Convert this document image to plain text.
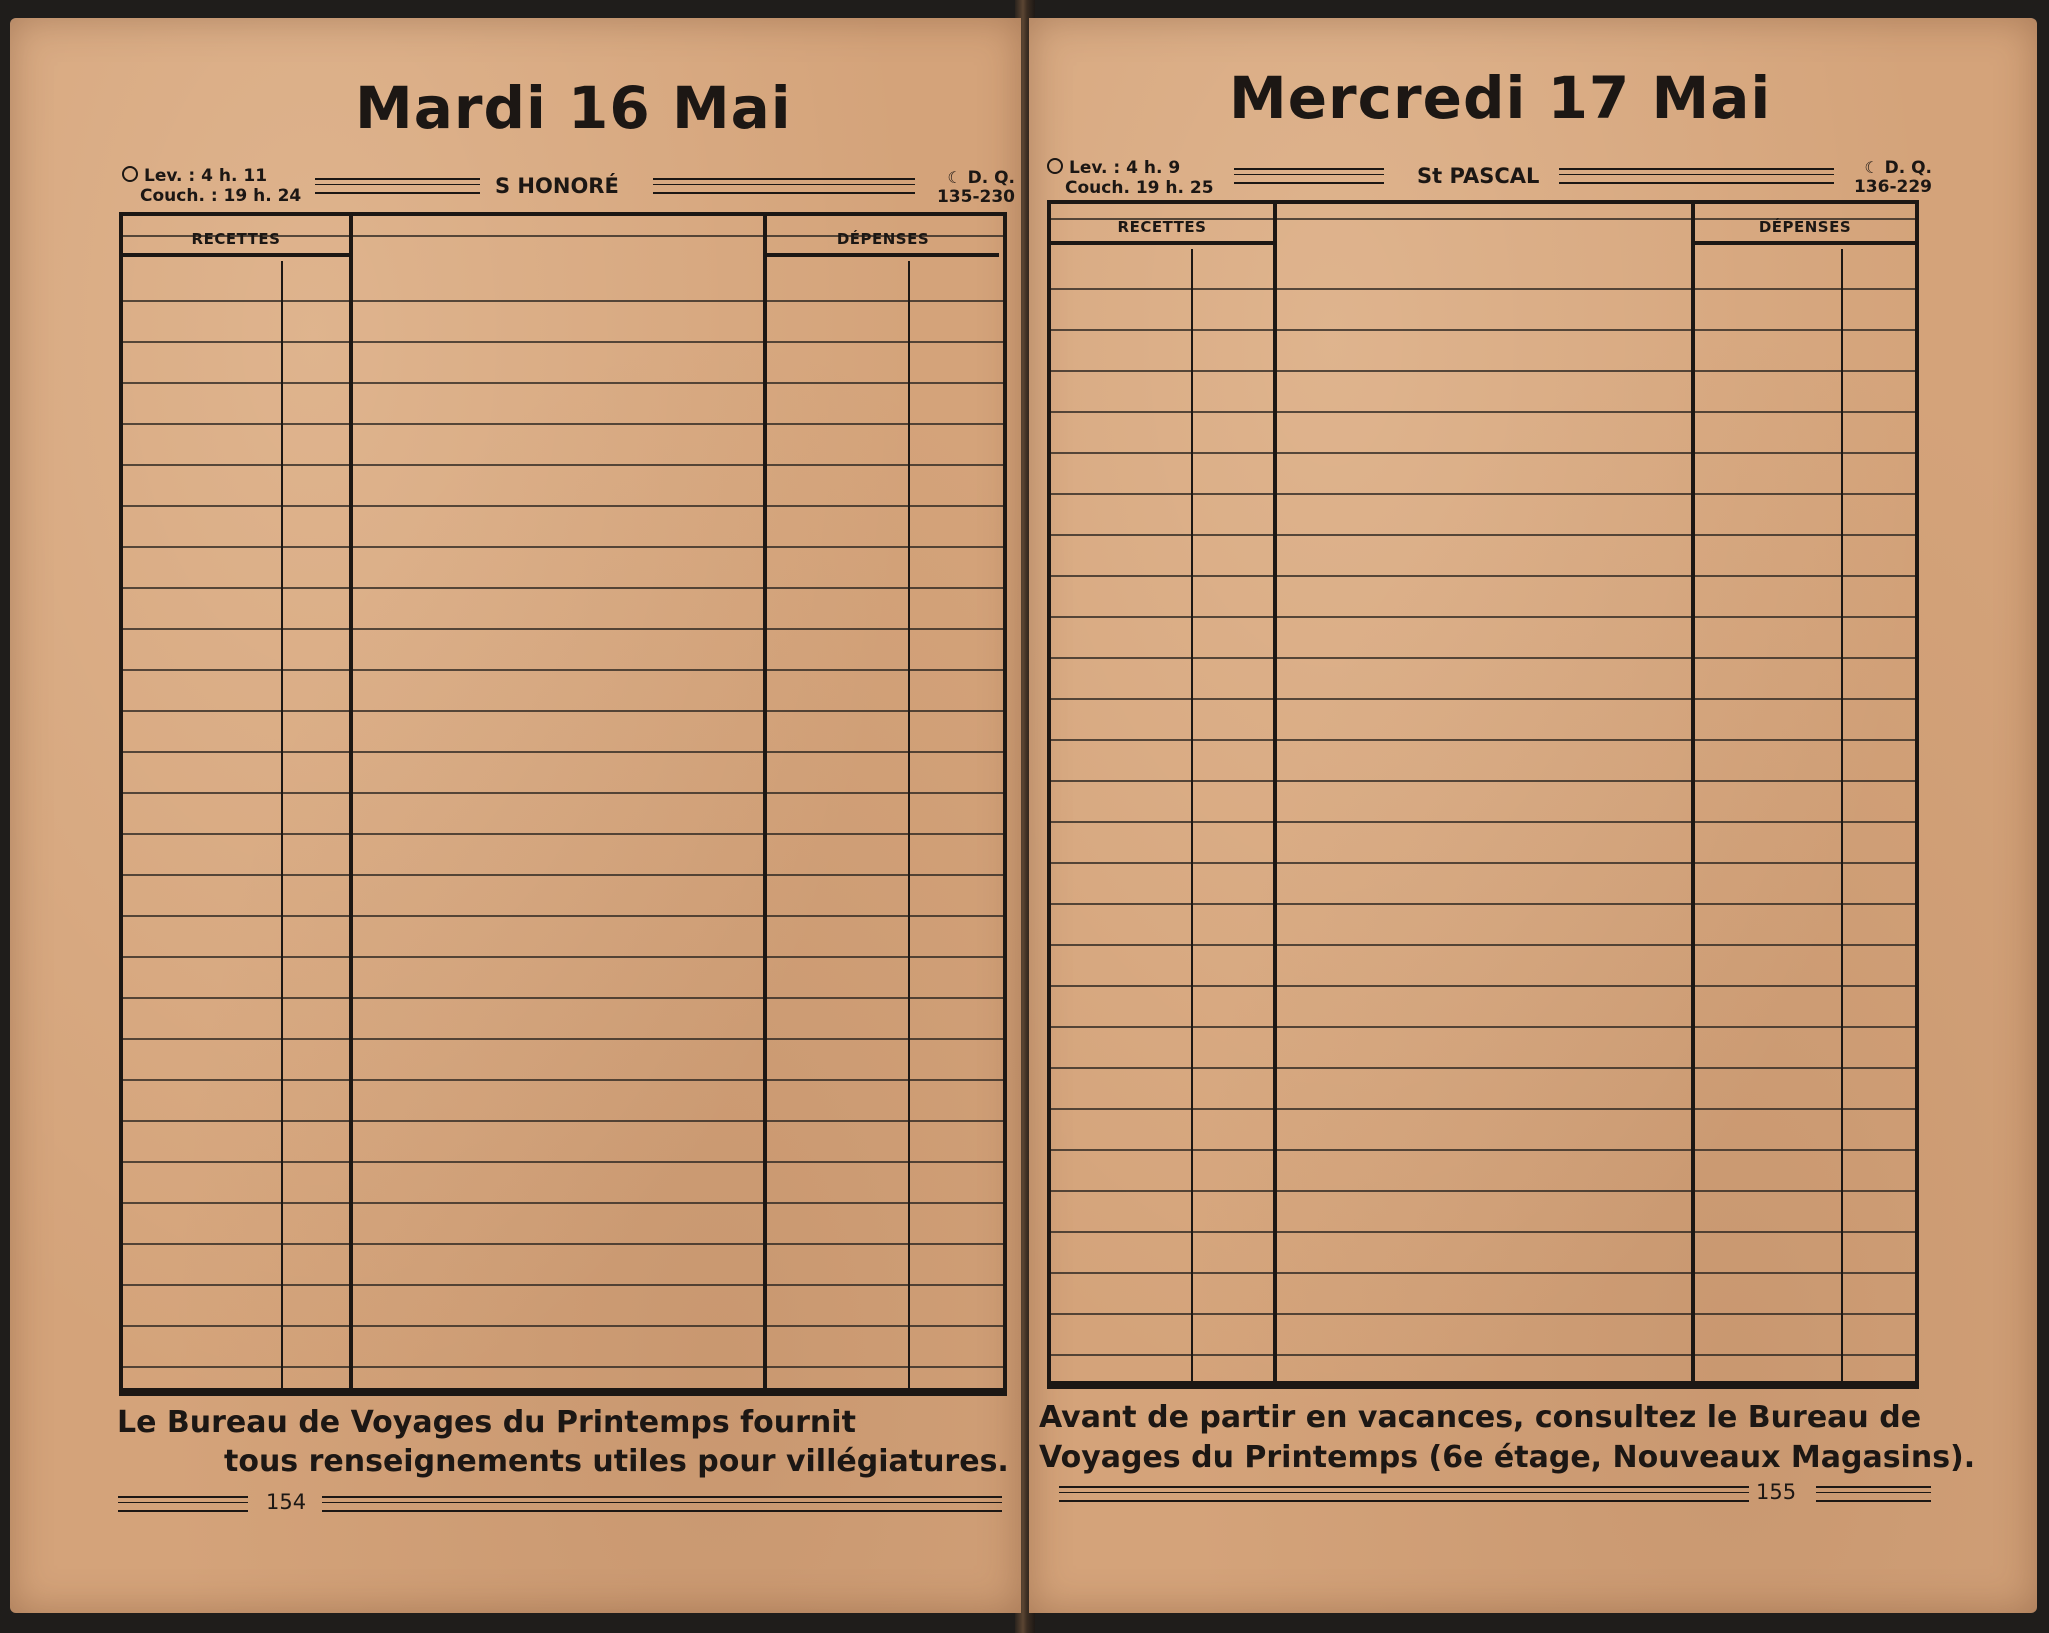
Mardi 16 Mai
Lev. : 4 h. 11
Couch. : 19 h. 24	S HONORÉ	☾ D. Q.
135-230
RECETTES	DÉPENSES
Le Bureau de Voyages du Printemps fournit
tous renseignements utiles pour villégiatures.
154
Mercredi 17 Mai
Lev. : 4 h. 9
Couch. 19 h. 25	St PASCAL	☾ D. Q.
136-229
RECETTES	DÉPENSES
Avant de partir en vacances, consultez le Bureau de
Voyages du Printemps (6e étage, Nouveaux Magasins).
155
